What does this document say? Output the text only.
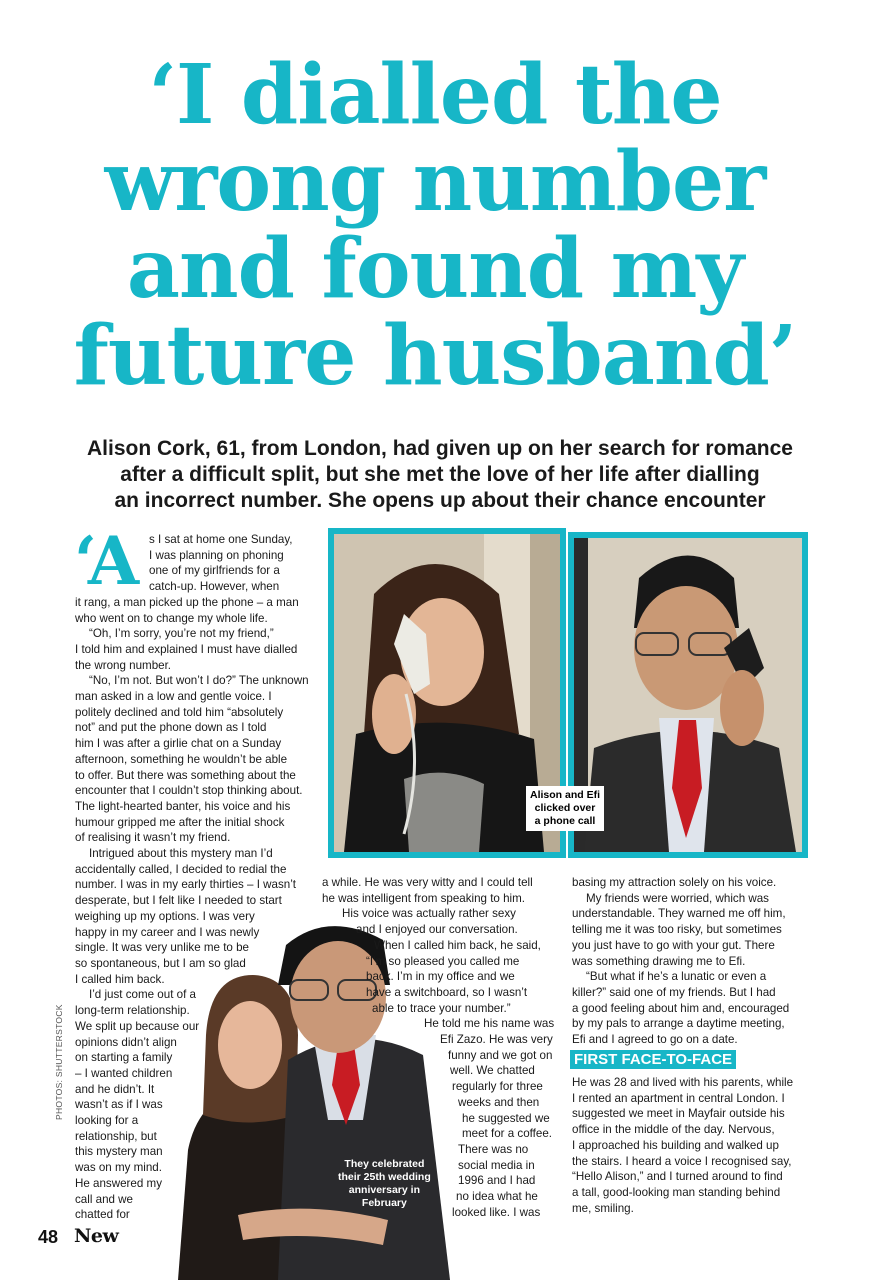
‘I dialled the
wrong number
and found my
future husband’

Alison Cork, 61, from London, had given up on her search for romance
after a difficult split, but she met the love of her life after dialling
an incorrect number. She opens up about their chance encounter

‘A
Alison and Efi
clicked over
a phone call
They celebrated
their 25th wedding
anniversary in
February
s I sat at home one Sunday,
I was planning on phoning
one of my girlfriends for a
catch-up. However, when
it rang, a man picked up the phone – a man
who went on to change my whole life.
“Oh, I’m sorry, you’re not my friend,”
I told him and explained I must have dialled
the wrong number.
“No, I’m not. But won’t I do?” The unknown
man asked in a low and gentle voice. I
politely declined and told him “absolutely
not” and put the phone down as I told
him I was after a girlie chat on a Sunday
afternoon, something he wouldn’t be able
to offer. But there was something about the
encounter that I couldn’t stop thinking about.
The light-hearted banter, his voice and his
humour gripped me after the initial shock
of realising it wasn’t my friend.
Intrigued about this mystery man I’d
accidentally called, I decided to redial the
number. I was in my early thirties – I wasn’t
desperate, but I felt like I needed to start
weighing up my options. I was very
happy in my career and I was newly
single. It was very unlike me to be
so spontaneous, but I am so glad
I called him back.
I’d just come out of a
long-term relationship.
We split up because our
opinions didn’t align
on starting a family
– I wanted children
and he didn’t. It
wasn’t as if I was
looking for a
relationship, but
this mystery man
was on my mind.
He answered my
call and we
chatted for
a while. He was very witty and I could tell
he was intelligent from speaking to him.
His voice was actually rather sexy
and I enjoyed our conversation.
When I called him back, he said,
“I’m so pleased you called me
back. I’m in my office and we
have a switchboard, so I wasn’t
able to trace your number.”
He told me his name was
Efi Zazo. He was very
funny and we got on
well. We chatted
regularly for three
weeks and then
he suggested we
meet for a coffee.
There was no
social media in
1996 and I had
no idea what he
looked like. I was
basing my attraction solely on his voice.
My friends were worried, which was
understandable. They warned me off him,
telling me it was too risky, but sometimes
you just have to go with your gut. There
was something drawing me to Efi.
“But what if he’s a lunatic or even a
killer?” said one of my friends. But I had
a good feeling about him and, encouraged
by my pals to arrange a daytime meeting,
Efi and I agreed to go on a date.
FIRST FACE-TO-FACE
He was 28 and lived with his parents, while
I rented an apartment in central London. I
suggested we meet in Mayfair outside his
office in the middle of the day. Nervous,
I approached his building and walked up
the stairs. I heard a voice I recognised say,
“Hello Alison,” and I turned around to find
a tall, good-looking man standing behind
me, smiling.
PHOTOS: SHUTTERSTOCK
48 New
